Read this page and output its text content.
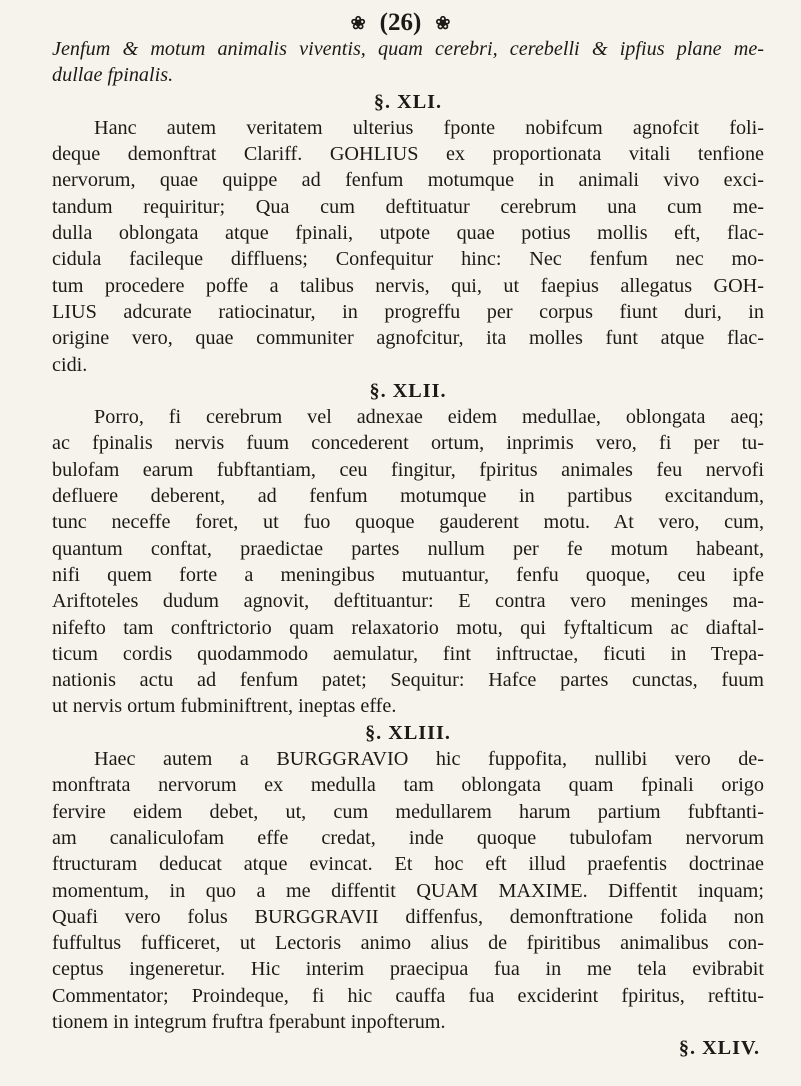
❀ (26) ❀
Jenfum & motum animalis viventis, quam cerebri, cerebelli & ipfius plane me-
dullae fpinalis.
§. XLI.
Hanc autem veritatem ulterius fponte nobifcum agnofcit foli-
deque demonftrat Clariff. GOHLIUS ex proportionata vitali tenfione
nervorum, quae quippe ad fenfum motumque in animali vivo exci-
tandum requiritur; Qua cum deftituatur cerebrum una cum me-
dulla oblongata atque fpinali, utpote quae potius mollis eft, flac-
cidula facileque diffluens; Confequitur hinc: Nec fenfum nec mo-
tum procedere poffe a talibus nervis, qui, ut faepius allegatus GOH-
LIUS adcurate ratiocinatur, in progreffu per corpus fiunt duri, in
origine vero, quae communiter agnofcitur, ita molles funt atque flac-
cidi.
§. XLII.
Porro, fi cerebrum vel adnexae eidem medullae, oblongata aeq;
ac fpinalis nervis fuum concederent ortum, inprimis vero, fi per tu-
bulofam earum fubftantiam, ceu fingitur, fpiritus animales feu nervofi
defluere deberent, ad fenfum motumque in partibus excitandum,
tunc neceffe foret, ut fuo quoque gauderent motu. At vero, cum,
quantum conftat, praedictae partes nullum per fe motum habeant,
nifi quem forte a meningibus mutuantur, fenfu quoque, ceu ipfe
Ariftoteles dudum agnovit, deftituantur: E contra vero meninges ma-
nifefto tam conftrictorio quam relaxatorio motu, qui fyftalticum ac diaftal-
ticum cordis quodammodo aemulatur, fint inftructae, ficuti in Trepa-
nationis actu ad fenfum patet; Sequitur: Hafce partes cunctas, fuum
ut nervis ortum fubminiftrent, ineptas effe.
§. XLIII.
Haec autem a BURGGRAVIO hic fuppofita, nullibi vero de-
monftrata nervorum ex medulla tam oblongata quam fpinali origo
fervire eidem debet, ut, cum medullarem harum partium fubftanti-
am canaliculofam effe credat, inde quoque tubulofam nervorum
ftructuram deducat atque evincat. Et hoc eft illud praefentis doctrinae
momentum, in quo a me diffentit QUAM MAXIME. Diffentit inquam;
Quafi vero folus BURGGRAVII diffenfus, demonftratione folida non
fuffultus fufficeret, ut Lectoris animo alius de fpiritibus animalibus con-
ceptus ingeneretur. Hic interim praecipua fua in me tela evibrabit
Commentator; Proindeque, fi hic cauffa fua exciderint fpiritus, reftitu-
tionem in integrum fruftra fperabunt inpofterum.
§. XLIV.
